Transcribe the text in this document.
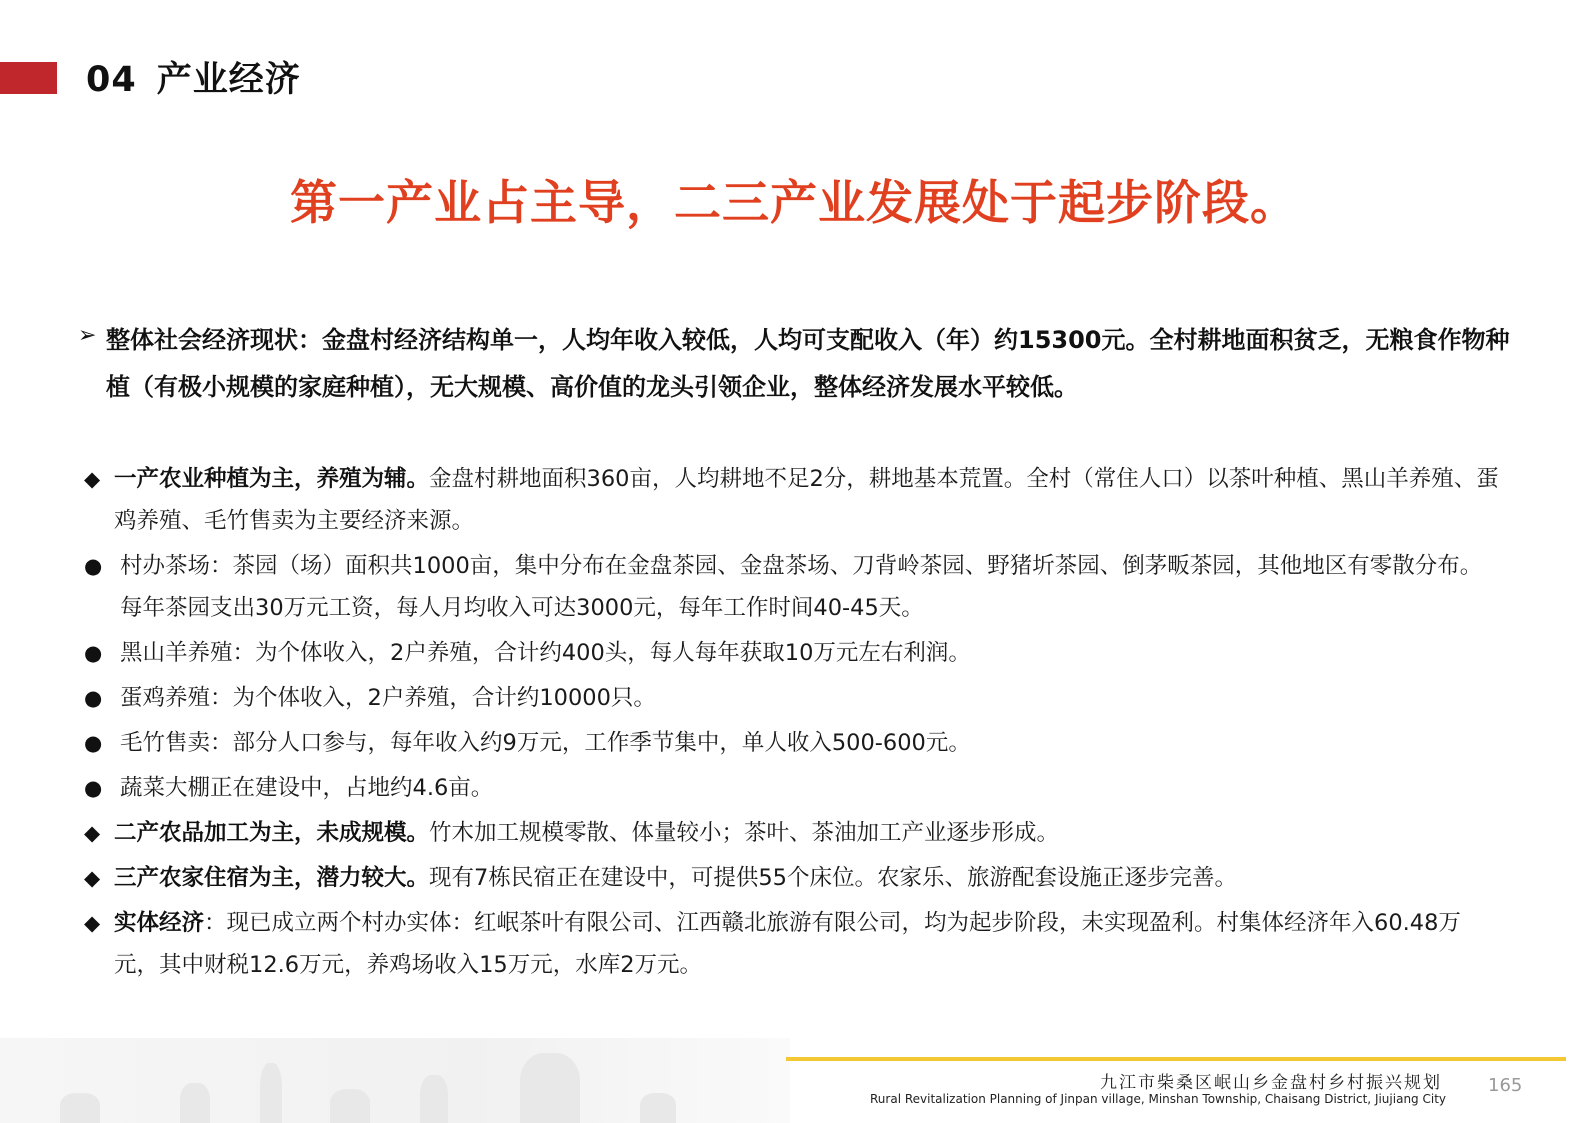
04 产业经济
第一产业占主导，二三产业发展处于起步阶段。
➢ 整体社会经济现状：金盘村经济结构单一，人均年收入较低，人均可支配收入（年）约15300元。全村耕地面积贫乏，无粮食作物种植（有极小规模的家庭种植），无大规模、高价值的龙头引领企业，整体经济发展水平较低。
◆ 一产农业种植为主，养殖为辅。金盘村耕地面积360亩，人均耕地不足2分，耕地基本荒置。全村（常住人口）以茶叶种植、黑山羊养殖、蛋鸡养殖、毛竹售卖为主要经济来源。
● 村办茶场：茶园（场）面积共1000亩，集中分布在金盘茶园、金盘茶场、刀背岭茶园、野猪圻茶园、倒茅畈茶园，其他地区有零散分布。每年茶园支出30万元工资，每人月均收入可达3000元，每年工作时间40-45天。
● 黑山羊养殖：为个体收入，2户养殖，合计约400头，每人每年获取10万元左右利润。
● 蛋鸡养殖：为个体收入，2户养殖，合计约10000只。
● 毛竹售卖：部分人口参与，每年收入约9万元，工作季节集中，单人收入500-600元。
● 蔬菜大棚正在建设中，占地约4.6亩。
◆ 二产农品加工为主，未成规模。竹木加工规模零散、体量较小；茶叶、茶油加工产业逐步形成。
◆ 三产农家住宿为主，潜力较大。现有7栋民宿正在建设中，可提供55个床位。农家乐、旅游配套设施正逐步完善。
◆ 实体经济：现已成立两个村办实体：红岷茶叶有限公司、江西赣北旅游有限公司，均为起步阶段，未实现盈利。村集体经济年入60.48万元，其中财税12.6万元，养鸡场收入15万元，水库2万元。
九江市柴桑区岷山乡金盘村乡村振兴规划
Rural Revitalization Planning of Jinpan village, Minshan Township, Chaisang District, Jiujiang City
165
